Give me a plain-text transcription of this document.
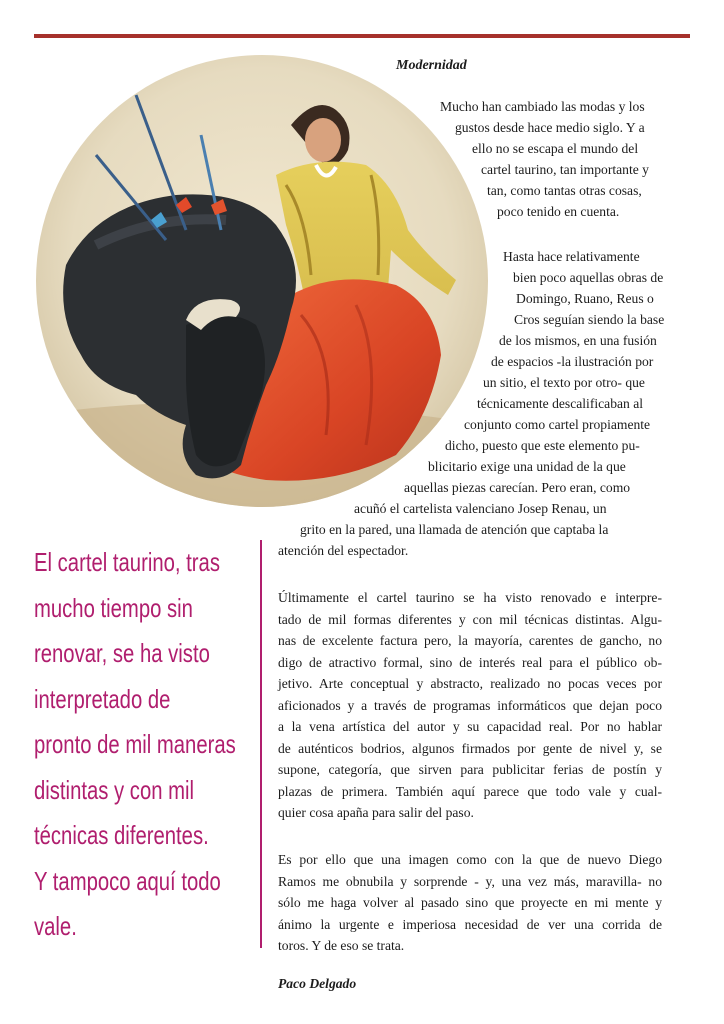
Modernidad
Mucho han cambiado las modas y los
gustos desde hace medio siglo. Y a
ello no se escapa el mundo del
cartel taurino, tan importante y
tan, como tantas otras cosas,
poco tenido en cuenta.
Hasta hace relativamente
bien poco aquellas obras de
Domingo, Ruano, Reus o
Cros seguían siendo la base
de los mismos, en una fusión
de espacios -la ilustración por
un sitio, el texto por otro- que
técnicamente descalificaban al
conjunto como cartel propiamente
dicho, puesto que este elemento pu-
blicitario exige una unidad de la que
aquellas piezas carecían. Pero eran, como
acuñó el cartelista valenciano Josep Renau, un
grito en la pared, una llamada de atención que captaba la
atención del espectador.
Últimamente el cartel taurino se ha visto renovado e interpre-
tado de mil formas diferentes y con mil técnicas distintas. Algu-
nas de excelente factura pero, la mayoría, carentes de gancho, no
digo de atractivo formal, sino de interés real para el público ob-
jetivo. Arte conceptual y abstracto, realizado no pocas veces por
aficionados y a través de programas informáticos que dejan poco
a la vena artística del autor y su capacidad real. Por no hablar
de auténticos bodrios, algunos firmados por gente de nivel y, se
supone, categoría, que sirven para publicitar ferias de postín y
plazas de primera. También aquí parece que todo vale y cual-
quier cosa apaña para salir del paso.
Es por ello que una imagen como con la que de nuevo Diego
Ramos me obnubila y sorprende - y, una vez más, maravilla- no
sólo me haga volver al pasado sino que proyecte en mi mente y
ánimo la urgente e imperiosa necesidad de ver una corrida de
toros. Y de eso se trata.
Paco Delgado
El cartel taurino, tras
mucho tiempo sin
renovar, se ha visto
interpretado de
pronto de mil maneras
distintas y con mil
técnicas diferentes.
Y tampoco aquí todo
vale.
